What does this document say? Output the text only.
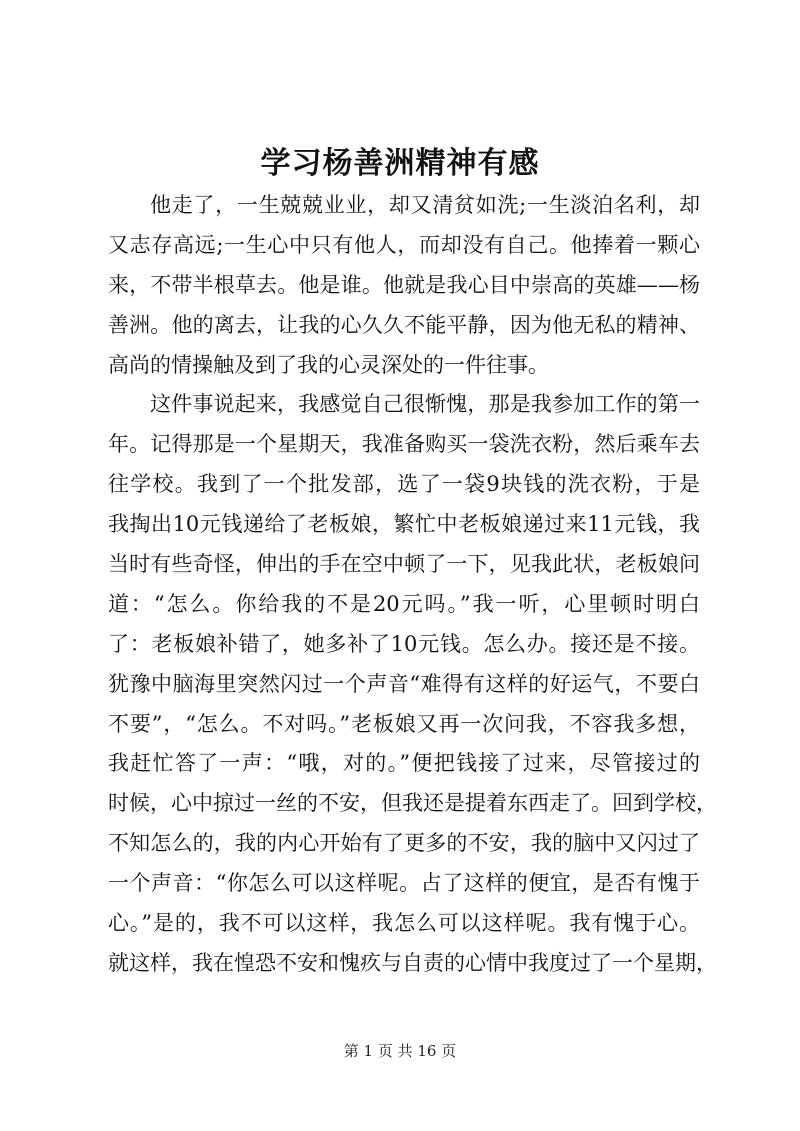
学习杨善洲精神有感
他走了，一生兢兢业业，却又清贫如洗;一生淡泊名利，却
又志存高远;一生心中只有他人，而却没有自己。他捧着一颗心
来，不带半根草去。他是谁。他就是我心目中崇高的英雄——杨
善洲。他的离去，让我的心久久不能平静，因为他无私的精神、
高尚的情操触及到了我的心灵深处的一件往事。
这件事说起来，我感觉自己很惭愧，那是我参加工作的第一
年。记得那是一个星期天，我准备购买一袋洗衣粉，然后乘车去
往学校。我到了一个批发部，选了一袋9块钱的洗衣粉，于是
我掏出10元钱递给了老板娘，繁忙中老板娘递过来11元钱，我
当时有些奇怪，伸出的手在空中顿了一下，见我此状，老板娘问
道：“怎么。你给我的不是20元吗。”我一听，心里顿时明白
了：老板娘补错了，她多补了10元钱。怎么办。接还是不接。
犹豫中脑海里突然闪过一个声音“难得有这样的好运气，不要白
不要”，“怎么。不对吗。”老板娘又再一次问我，不容我多想，
我赶忙答了一声：“哦，对的。”便把钱接了过来，尽管接过的
时候，心中掠过一丝的不安，但我还是提着东西走了。回到学校，
不知怎么的，我的内心开始有了更多的不安，我的脑中又闪过了
一个声音：“你怎么可以这样呢。占了这样的便宜，是否有愧于
心。”是的，我不可以这样，我怎么可以这样呢。我有愧于心。
就这样，我在惶恐不安和愧疚与自责的心情中我度过了一个星期，
第 1 页 共 16 页
